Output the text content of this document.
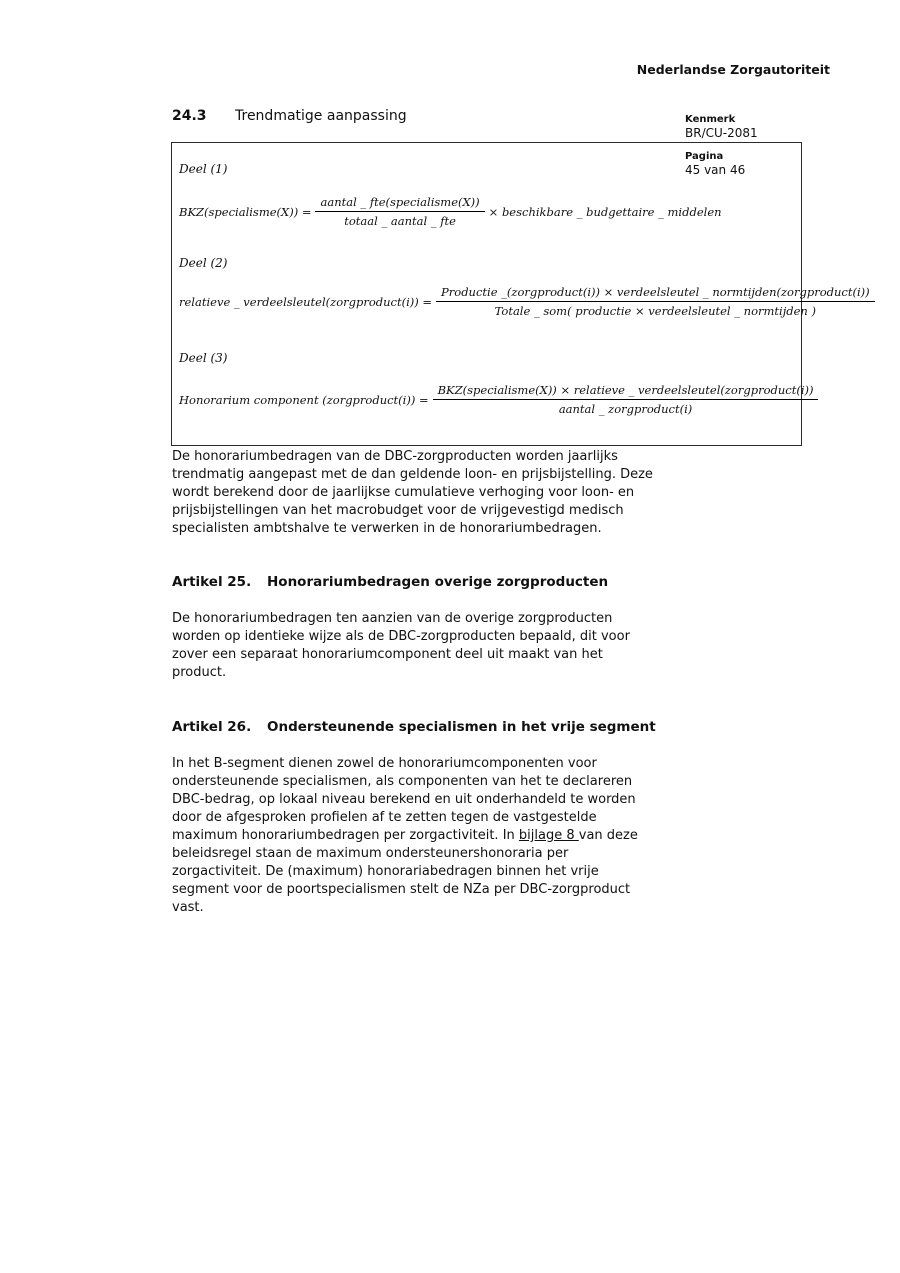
Nederlandse Zorgautoriteit
24.3	Trendmatige aanpassing	Kenmerk
BR/CU-2081
Pagina
45 van 46
Deel (1)
BKZ(specialisme(X)) = $\frac{\text{aantal \_ fte(specialisme(X))}}{\text{totaal \_ aantal \_ fte}}$ × beschikbare _ budgettaire _ middelen
Deel (2)
relatieve _ verdeelsleutel(zorgproduct(i)) =
Productie _(zorgproduct(i)) × verdeelsleutel _ normtijden(zorgproduct(i))
Totale _ som( productie × verdeelsleutel _ normtijden )
Deel (3)
Honorarium component (zorgproduct(i)) =
BKZ(specialisme(X)) × relatieve _ verdeelsleutel(zorgproduct(i))
aantal _ zorgproduct(i)
De honorariumbedragen van de DBC-zorgproducten worden jaarlijks trendmatig aangepast met de dan geldende loon- en prijsbijstelling. Deze wordt berekend door de jaarlijkse cumulatieve verhoging voor loon- en prijsbijstellingen van het macrobudget voor de vrijgevestigd medisch specialisten ambtshalve te verwerken in de honorariumbedragen.
Artikel 25.	Honorariumbedragen overige zorgproducten
De honorariumbedragen ten aanzien van de overige zorgproducten worden op identieke wijze als de DBC-zorgproducten bepaald, dit voor zover een separaat honorariumcomponent deel uit maakt van het product.
Artikel 26.	Ondersteunende specialismen in het vrije segment
In het B-segment dienen zowel de honorariumcomponenten voor ondersteunende specialismen, als componenten van het te declareren DBC-bedrag, op lokaal niveau berekend en uit onderhandeld te worden door de afgesproken profielen af te zetten tegen de vastgestelde maximum honorariumbedragen per zorgactiviteit. In bijlage 8 van deze beleidsregel staan de maximum ondersteunershonoraria per zorgactiviteit. De (maximum) honorariabedragen binnen het vrije segment voor de poortspecialismen stelt de NZa per DBC-zorgproduct vast.
